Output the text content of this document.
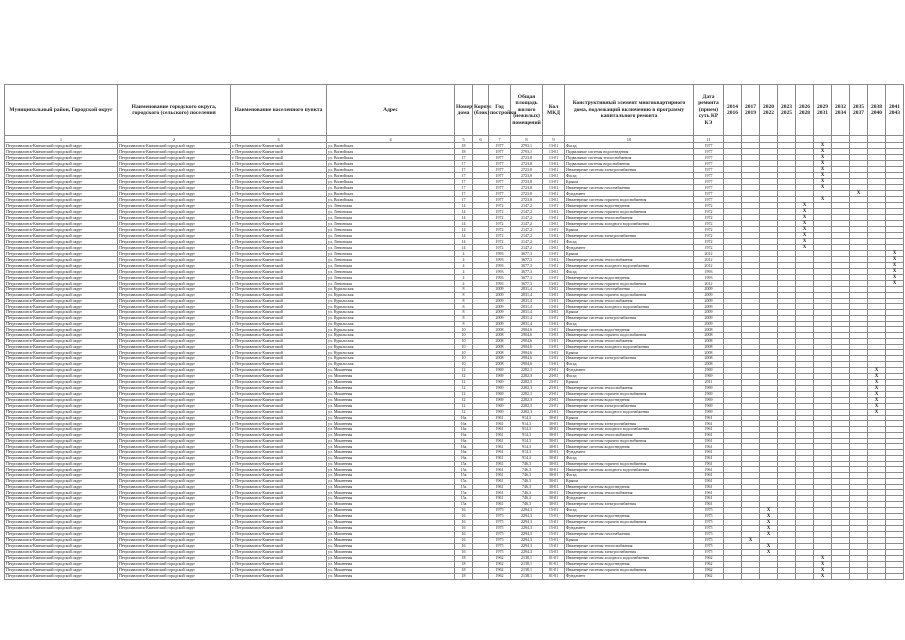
Муниципальный район, Городской округ	Наименование городского округа, городского (сельского) поселения	Наименование населенного пункта	Адрес	Номер дома	Корпус (блок)	Год постройки	Общая площадь жилого (нежилых) помещений	Кол МКД	Конструктивный элемент многоквартирного дома, подлежащий включению в программу капитального ремонта	Дата ремонта (прием) суть КР КЭ	2014 2016	2017 2019	2020 2022	2023 2025	2026 2028	2029 2031	2032 2034	2035 2037	2038 2040	2041 2043
1	2	3	4	5	6	7	8	9	10	11										
Петропавловск-Камчатский городской округ	Петропавловск-Камчатский городской округ	г. Петропавловск-Камчатский	ул. Вилюйская	18		1977	2793,1	13-01	Фасад	1977						X				
Петропавловск-Камчатский городской округ	Петропавловск-Камчатский городской округ	г. Петропавловск-Камчатский	ул. Вилюйская	18		1977	2793,1	13-01	Подвальные системы водоотведения	1977						X				
Петропавловск-Камчатский городской округ	Петропавловск-Камчатский городской округ	г. Петропавловск-Камчатский	ул. Вилюйская	17		1977	2723,8	13-01	Подвальные системы теплоснабжения	1977						X				
Петропавловск-Камчатский городской округ	Петропавловск-Камчатский городской округ	г. Петропавловск-Камчатский	ул. Вилюйская	17		1977	2723,8	13-01	Подвальные системы водоснабжения	1977						X				
Петропавловск-Камчатский городской округ	Петропавловск-Камчатский городской округ	г. Петропавловск-Камчатский	ул. Вилюйская	17		1977	2723,8	13-01	Инженерные системы электроснабжения	1977						X				
Петропавловск-Камчатский городской округ	Петропавловск-Камчатский городской округ	г. Петропавловск-Камчатский	ул. Вилюйская	17		1977	2723,8	13-01	Фасад	1977						X				
Петропавловск-Камчатский городской округ	Петропавловск-Камчатский городской округ	г. Петропавловск-Камчатский	ул. Вилюйская	17		1977	2723,8	13-01	Крыша	1977						X				
Петропавловск-Камчатский городской округ	Петропавловск-Камчатский городской округ	г. Петропавловск-Камчатский	ул. Вилюйская	17		1977	2723,8	13-01	Инженерные системы газоснабжения	1977						X				
Петропавловск-Камчатский городской округ	Петропавловск-Камчатский городской округ	г. Петропавловск-Камчатский	ул. Вилюйская	17		1977	2723,8	13-01	Фундамент	1977								X		
Петропавловск-Камчатский городской округ	Петропавловск-Камчатский городской округ	г. Петропавловск-Камчатский	ул. Вилюйская	17		1977	2723,8	13-01	Инженерные системы горячего водоснабжения	1977						X				
Петропавловск-Камчатский городской округ	Петропавловск-Камчатский городской округ	г. Петропавловск-Камчатский	ул. Ленинская	14		1972	2147,2	13-01	Инженерные системы водоотведения	1972					X					
Петропавловск-Камчатский городской округ	Петропавловск-Камчатский городской округ	г. Петропавловск-Камчатский	ул. Ленинская	14		1972	2147,2	13-01	Инженерные системы горячего водоснабжения	1972					X					
Петропавловск-Камчатский городской округ	Петропавловск-Камчатский городской округ	г. Петропавловск-Камчатский	ул. Ленинская	14		1972	2147,2	13-01	Инженерные системы теплоснабжения	1972					X					
Петропавловск-Камчатский городской округ	Петропавловск-Камчатский городской округ	г. Петропавловск-Камчатский	ул. Ленинская	14		1972	2147,2	13-01	Инженерные системы холодного водоснабжения	1972					X					
Петропавловск-Камчатский городской округ	Петропавловск-Камчатский городской округ	г. Петропавловск-Камчатский	ул. Ленинская	14		1972	2147,2	13-01	Крыша	1972					X					
Петропавловск-Камчатский городской округ	Петропавловск-Камчатский городской округ	г. Петропавловск-Камчатский	ул. Ленинская	14		1972	2147,2	13-01	Инженерные системы электроснабжения	1972					X					
Петропавловск-Камчатский городской округ	Петропавловск-Камчатский городской округ	г. Петропавловск-Камчатский	ул. Ленинская	14		1972	2147,2	13-01	Фасад	1972					X					
Петропавловск-Камчатский городской округ	Петропавловск-Камчатский городской округ	г. Петропавловск-Камчатский	ул. Ленинская	14		1972	2147,2	13-01	Фундамент	1972					X					
Петропавловск-Камчатский городской округ	Петропавловск-Камчатский городской округ	г. Петропавловск-Камчатский	ул. Ленинская	4		1993	3677,3	13-01	Крыша	2012										X
Петропавловск-Камчатский городской округ	Петропавловск-Камчатский городской округ	г. Петропавловск-Камчатский	ул. Ленинская	4		1993	3677,3	13-01	Инженерные системы теплоснабжения	2012										X
Петропавловск-Камчатский городской округ	Петропавловск-Камчатский городской округ	г. Петропавловск-Камчатский	ул. Ленинская	4		1993	3677,3	13-01	Инженерные системы холодного водоснабжения	2012										X
Петропавловск-Камчатский городской округ	Петропавловск-Камчатский городской округ	г. Петропавловск-Камчатский	ул. Ленинская	4		1993	3677,3	13-01	Фасад	1993										X
Петропавловск-Камчатский городской округ	Петропавловск-Камчатский городской округ	г. Петропавловск-Камчатский	ул. Ленинская	4		1993	3677,3	13-01	Инженерные системы водоотведения	1993										X
Петропавловск-Камчатский городской округ	Петропавловск-Камчатский городской округ	г. Петропавловск-Камчатский	ул. Ленинская	4		1993	3677,3	13-01	Инженерные системы горячего водоснабжения	2012										X
Петропавловск-Камчатский городской округ	Петропавловск-Камчатский городской округ	г. Петропавловск-Камчатский	ул. Курильская	8		2009	2831,4	13-01	Инженерные системы газоснабжения	2009										
Петропавловск-Камчатский городской округ	Петропавловск-Камчатский городской округ	г. Петропавловск-Камчатский	ул. Курильская	8		2009	2831,4	13-01	Инженерные системы горячего водоснабжения	2009										
Петропавловск-Камчатский городской округ	Петропавловск-Камчатский городской округ	г. Петропавловск-Камчатский	ул. Курильская	8		2009	2831,4	13-01	Инженерные системы теплоснабжения	2009										
Петропавловск-Камчатский городской округ	Петропавловск-Камчатский городской округ	г. Петропавловск-Камчатский	ул. Курильская	8		2009	2831,4	13-01	Инженерные системы холодного водоснабжения	2009										
Петропавловск-Камчатский городской округ	Петропавловск-Камчатский городской округ	г. Петропавловск-Камчатский	ул. Курильская	8		2009	2831,4	13-01	Крыша	2009										
Петропавловск-Камчатский городской округ	Петропавловск-Камчатский городской округ	г. Петропавловск-Камчатский	ул. Курильская	8		2009	2831,4	13-01	Инженерные системы электроснабжения	2009										
Петропавловск-Камчатский городской округ	Петропавловск-Камчатский городской округ	г. Петропавловск-Камчатский	ул. Курильская	8		2009	2831,4	13-01	Фасад	2009										
Петропавловск-Камчатский городской округ	Петропавловск-Камчатский городской округ	г. Петропавловск-Камчатский	ул. Курильская	10		2008	2904,6	13-01	Инженерные системы водоотведения	2008										
Петропавловск-Камчатский городской округ	Петропавловск-Камчатский городской округ	г. Петропавловск-Камчатский	ул. Курильская	10		2008	2904,6	13-01	Инженерные системы горячего водоснабжения	2008										
Петропавловск-Камчатский городской округ	Петропавловск-Камчатский городской округ	г. Петропавловск-Камчатский	ул. Курильская	10		2008	2904,6	13-01	Инженерные системы теплоснабжения	2008										
Петропавловск-Камчатский городской округ	Петропавловск-Камчатский городской округ	г. Петропавловск-Камчатский	ул. Курильская	10		2008	2904,6	13-01	Инженерные системы холодного водоснабжения	2008										
Петропавловск-Камчатский городской округ	Петропавловск-Камчатский городской округ	г. Петропавловск-Камчатский	ул. Курильская	10		2008	2904,6	13-01	Крыша	2008										
Петропавловск-Камчатский городской округ	Петропавловск-Камчатский городской округ	г. Петропавловск-Камчатский	ул. Курильская	10		2008	2904,6	13-01	Инженерные системы электроснабжения	2008										
Петропавловск-Камчатский городской округ	Петропавловск-Камчатский городской округ	г. Петропавловск-Камчатский	ул. Курильская	10		2008	2904,6	13-01	Фасад	2008										
Петропавловск-Камчатский городской округ	Петропавловск-Камчатский городской округ	г. Петропавловск-Камчатский	ул. Мишенная	12		1969	2282,3	23-01	Фундамент	1969									X	
Петропавловск-Камчатский городской округ	Петропавловск-Камчатский городской округ	г. Петропавловск-Камчатский	ул. Мишенная	12		1969	2282,3	23-01	Фасад	1969									X	
Петропавловск-Камчатский городской округ	Петропавловск-Камчатский городской округ	г. Петропавловск-Камчатский	ул. Мишенная	12		1969	2282,3	23-01	Крыша	2011									X	
Петропавловск-Камчатский городской округ	Петропавловск-Камчатский городской округ	г. Петропавловск-Камчатский	ул. Мишенная	12		1969	2282,3	23-01	Инженерные системы теплоснабжения	1969									X	
Петропавловск-Камчатский городской округ	Петропавловск-Камчатский городской округ	г. Петропавловск-Камчатский	ул. Мишенная	12		1969	2282,3	23-01	Инженерные системы горячего водоснабжения	1969									X	
Петропавловск-Камчатский городской округ	Петропавловск-Камчатский городской округ	г. Петропавловск-Камчатский	ул. Мишенная	12		1969	2282,3	23-01	Инженерные системы водоотведения	1969									X	
Петропавловск-Камчатский городской округ	Петропавловск-Камчатский городской округ	г. Петропавловск-Камчатский	ул. Мишенная	12		1969	2282,3	23-01	Инженерные системы электроснабжения	1969									X	
Петропавловск-Камчатский городской округ	Петропавловск-Камчатский городской округ	г. Петропавловск-Камчатский	ул. Мишенная	12		1969	2282,3	23-01	Инженерные системы холодного водоснабжения	1969									X	
Петропавловск-Камчатский городской округ	Петропавловск-Камчатский городской округ	г. Петропавловск-Камчатский	ул. Мишенная	16а		1961	914,3	30-01	Крыша	1961										
Петропавловск-Камчатский городской округ	Петропавловск-Камчатский городской округ	г. Петропавловск-Камчатский	ул. Мишенная	16а		1961	914,3	30-01	Инженерные системы электроснабжения	1961										
Петропавловск-Камчатский городской округ	Петропавловск-Камчатский городской округ	г. Петропавловск-Камчатский	ул. Мишенная	16а		1961	914,3	30-01	Инженерные системы холодного водоснабжения	1961										
Петропавловск-Камчатский городской округ	Петропавловск-Камчатский городской округ	г. Петропавловск-Камчатский	ул. Мишенная	16а		1961	914,3	30-01	Инженерные системы теплоснабжения	1961										
Петропавловск-Камчатский городской округ	Петропавловск-Камчатский городской округ	г. Петропавловск-Камчатский	ул. Мишенная	16а		1961	914,3	30-01	Инженерные системы горячего водоснабжения	1961										
Петропавловск-Камчатский городской округ	Петропавловск-Камчатский городской округ	г. Петропавловск-Камчатский	ул. Мишенная	16а		1961	914,3	30-01	Инженерные системы водоотведения	1961										
Петропавловск-Камчатский городской округ	Петропавловск-Камчатский городской округ	г. Петропавловск-Камчатский	ул. Мишенная	16а		1961	914,3	30-01	Фундамент	1961										
Петропавловск-Камчатский городской округ	Петропавловск-Камчатский городской округ	г. Петропавловск-Камчатский	ул. Мишенная	16а		1961	914,3	30-01	Фасад	1961										
Петропавловск-Камчатский городской округ	Петропавловск-Камчатский городской округ	г. Петропавловск-Камчатский	ул. Мишенная	15а		1961	746,3	30-01	Инженерные системы горячего водоснабжения	1961										
Петропавловск-Камчатский городской округ	Петропавловск-Камчатский городской округ	г. Петропавловск-Камчатский	ул. Мишенная	15а		1961	746,3	30-01	Инженерные системы холодного водоснабжения	1961										
Петропавловск-Камчатский городской округ	Петропавловск-Камчатский городской округ	г. Петропавловск-Камчатский	ул. Мишенная	15а		1961	746,3	30-01	Фасад	1961										
Петропавловск-Камчатский городской округ	Петропавловск-Камчатский городской округ	г. Петропавловск-Камчатский	ул. Мишенная	15а		1961	746,3	30-01	Крыша	1961										
Петропавловск-Камчатский городской округ	Петропавловск-Камчатский городской округ	г. Петропавловск-Камчатский	ул. Мишенная	15а		1961	746,3	30-01	Инженерные системы водоотведения	1961										
Петропавловск-Камчатский городской округ	Петропавловск-Камчатский городской округ	г. Петропавловск-Камчатский	ул. Мишенная	15а		1961	746,3	30-01	Инженерные системы теплоснабжения	1961										
Петропавловск-Камчатский городской округ	Петропавловск-Камчатский городской округ	г. Петропавловск-Камчатский	ул. Мишенная	15а		1961	746,3	30-01	Фундамент	1961										
Петропавловск-Камчатский городской округ	Петропавловск-Камчатский городской округ	г. Петропавловск-Камчатский	ул. Мишенная	15а		1961	746,3	30-01	Инженерные системы электроснабжения	1961										
Петропавловск-Камчатский городской округ	Петропавловск-Камчатский городской округ	г. Петропавловск-Камчатский	ул. Мишенная	16		1975	2294,3	15-01	Фасад	1975			X							
Петропавловск-Камчатский городской округ	Петропавловск-Камчатский городской округ	г. Петропавловск-Камчатский	ул. Мишенная	16		1975	2294,3	15-01	Инженерные системы водоотведения	1975			X							
Петропавловск-Камчатский городской округ	Петропавловск-Камчатский городской округ	г. Петропавловск-Камчатский	ул. Мишенная	16		1975	2294,3	15-01	Инженерные системы горячего водоснабжения	1975			X							
Петропавловск-Камчатский городской округ	Петропавловск-Камчатский городской округ	г. Петропавловск-Камчатский	ул. Мишенная	16		1975	2294,3	15-01	Фундамент	1975			X							
Петропавловск-Камчатский городской округ	Петропавловск-Камчатский городской округ	г. Петропавловск-Камчатский	ул. Мишенная	16		1975	2294,3	15-01	Инженерные системы газоснабжения	1975			X							
Петропавловск-Камчатский городской округ	Петропавловск-Камчатский городской округ	г. Петропавловск-Камчатский	ул. Мишенная	16		1975	2294,3	15-01	Крыша	1975		X								
Петропавловск-Камчатский городской округ	Петропавловск-Камчатский городской округ	г. Петропавловск-Камчатский	ул. Мишенная	16		1975	2294,3	15-01	Инженерные системы теплоснабжения	1975			X							
Петропавловск-Камчатский городской округ	Петропавловск-Камчатский городской округ	г. Петропавловск-Камчатский	ул. Мишенная	16		1975	2294,3	15-01	Инженерные системы электроснабжения	1975			X							
Петропавловск-Камчатский городской округ	Петропавловск-Камчатский городской округ	г. Петропавловск-Камчатский	ул. Мишенная	18		1962	2138,1	01-01	Инженерные системы холодного водоснабжения	1962						X				
Петропавловск-Камчатский городской округ	Петропавловск-Камчатский городской округ	г. Петропавловск-Камчатский	ул. Мишенная	18		1962	2138,1	01-01	Инженерные системы водоотведения	1962						X				
Петропавловск-Камчатский городской округ	Петропавловск-Камчатский городской округ	г. Петропавловск-Камчатский	ул. Мишенная	18		1962	2138,1	01-01	Инженерные системы горячего водоснабжения	1962						X				
Петропавловск-Камчатский городской округ	Петропавловск-Камчатский городской округ	г. Петропавловск-Камчатский	ул. Мишенная	18		1962	2138,1	01-01	Фундамент	1962						X				
